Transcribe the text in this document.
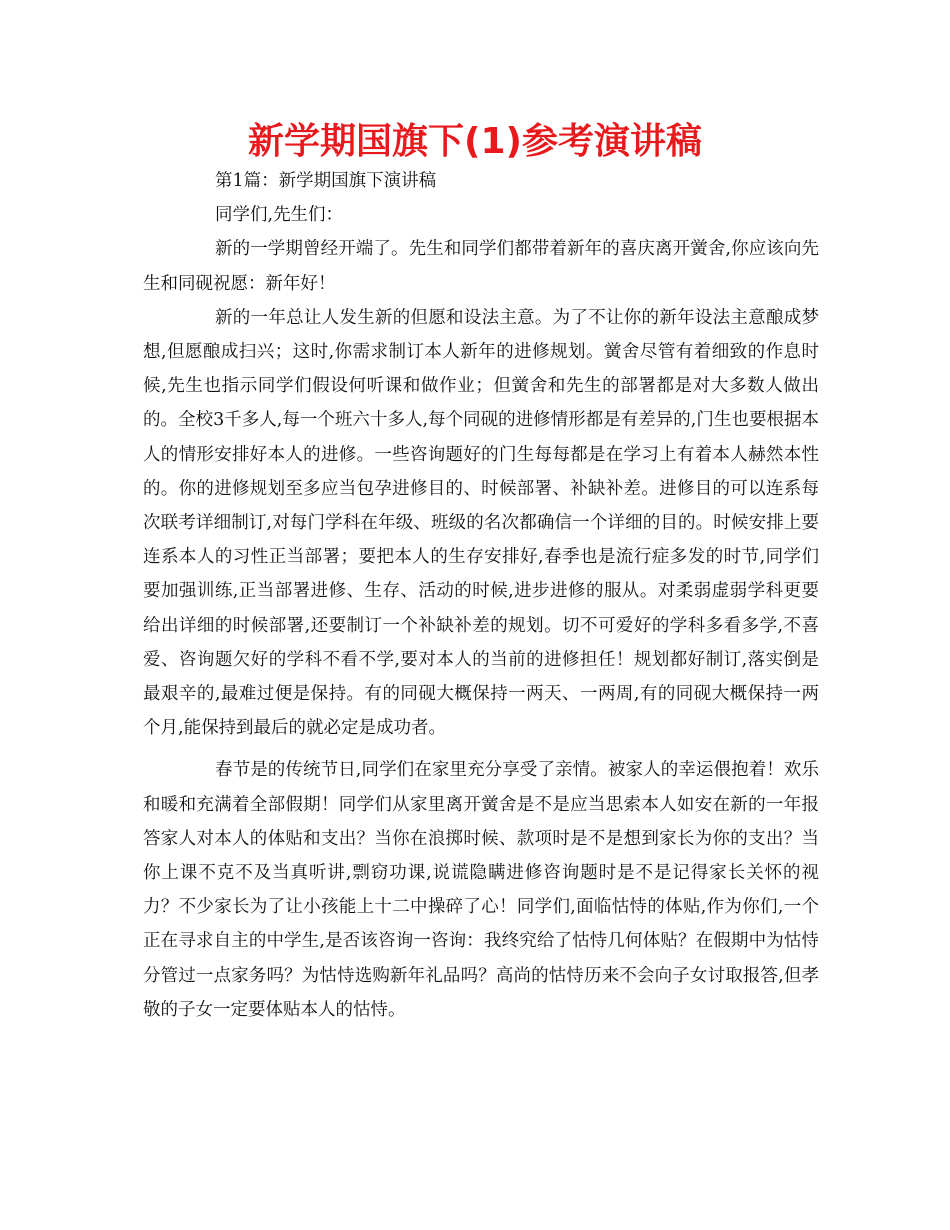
新学期国旗下(1)参考演讲稿

第1篇：新学期国旗下演讲稿

同学们,先生们：

新的一学期曾经开端了。先生和同学们都带着新年的喜庆离开黉舍,你应该向先生和同砚祝愿：新年好！

新的一年总让人发生新的但愿和设法主意。为了不让你的新年设法主意酿成梦想,但愿酿成扫兴；这时,你需求制订本人新年的进修规划。黉舍尽管有着细致的作息时候,先生也指示同学们假设何听课和做作业；但黉舍和先生的部署都是对大多数人做出的。全校3千多人,每一个班六十多人,每个同砚的进修情形都是有差异的,门生也要根据本人的情形安排好本人的进修。一些咨询题好的门生每每都是在学习上有着本人赫然本性的。你的进修规划至多应当包孕进修目的、时候部署、补缺补差。进修目的可以连系每次联考详细制订,对每门学科在年级、班级的名次都确信一个详细的目的。时候安排上要连系本人的习性正当部署；要把本人的生存安排好,春季也是流行症多发的时节,同学们要加强训练,正当部署进修、生存、活动的时候,进步进修的服从。对柔弱虚弱学科更要给出详细的时候部署,还要制订一个补缺补差的规划。切不可爱好的学科多看多学,不喜爱、咨询题欠好的学科不看不学,要对本人的当前的进修担任！规划都好制订,落实倒是最艰辛的,最难过便是保持。有的同砚大概保持一两天、一两周,有的同砚大概保持一两个月,能保持到最后的就必定是成功者。

春节是的传统节日,同学们在家里充分享受了亲情。被家人的幸运偎抱着！欢乐和暖和充满着全部假期！同学们从家里离开黉舍是不是应当思索本人如安在新的一年报答家人对本人的体贴和支出？当你在浪掷时候、款项时是不是想到家长为你的支出？当你上课不克不及当真听讲,剽窃功课,说谎隐瞒进修咨询题时是不是记得家长关怀的视力？不少家长为了让小孩能上十二中操碎了心！同学们,面临怙恃的体贴,作为你们,一个正在寻求自主的中学生,是否该咨询一咨询：我终究给了怙恃几何体贴？在假期中为怙恃分管过一点家务吗？为怙恃选购新年礼品吗？高尚的怙恃历来不会向子女讨取报答,但孝敬的子女一定要体贴本人的怙恃。
